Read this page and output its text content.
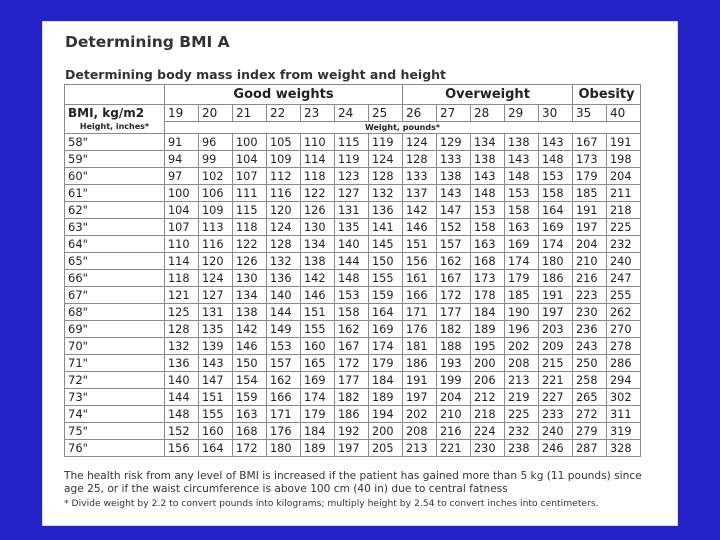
Determining BMI A
Determining body mass index from weight and height
	Good weights							Overweight					Obesity	
BMI, kg/m2	19	20	21	22	23	24	25	26	27	28	29	30	35	40
Height, inches*	Weight, pounds*													
58"	91	96	100	105	110	115	119	124	129	134	138	143	167	191
59"	94	99	104	109	114	119	124	128	133	138	143	148	173	198
60"	97	102	107	112	118	123	128	133	138	143	148	153	179	204
61"	100	106	111	116	122	127	132	137	143	148	153	158	185	211
62"	104	109	115	120	126	131	136	142	147	153	158	164	191	218
63"	107	113	118	124	130	135	141	146	152	158	163	169	197	225
64"	110	116	122	128	134	140	145	151	157	163	169	174	204	232
65"	114	120	126	132	138	144	150	156	162	168	174	180	210	240
66"	118	124	130	136	142	148	155	161	167	173	179	186	216	247
67"	121	127	134	140	146	153	159	166	172	178	185	191	223	255
68"	125	131	138	144	151	158	164	171	177	184	190	197	230	262
69"	128	135	142	149	155	162	169	176	182	189	196	203	236	270
70"	132	139	146	153	160	167	174	181	188	195	202	209	243	278
71"	136	143	150	157	165	172	179	186	193	200	208	215	250	286
72"	140	147	154	162	169	177	184	191	199	206	213	221	258	294
73"	144	151	159	166	174	182	189	197	204	212	219	227	265	302
74"	148	155	163	171	179	186	194	202	210	218	225	233	272	311
75"	152	160	168	176	184	192	200	208	216	224	232	240	279	319
76"	156	164	172	180	189	197	205	213	221	230	238	246	287	328
The health risk from any level of BMI is increased if the patient has gained more than 5 kg (11 pounds) since age 25, or if the waist circumference is above 100 cm (40 in) due to central fatness
* Divide weight by 2.2 to convert pounds into kilograms; multiply height by 2.54 to convert inches into centimeters.
